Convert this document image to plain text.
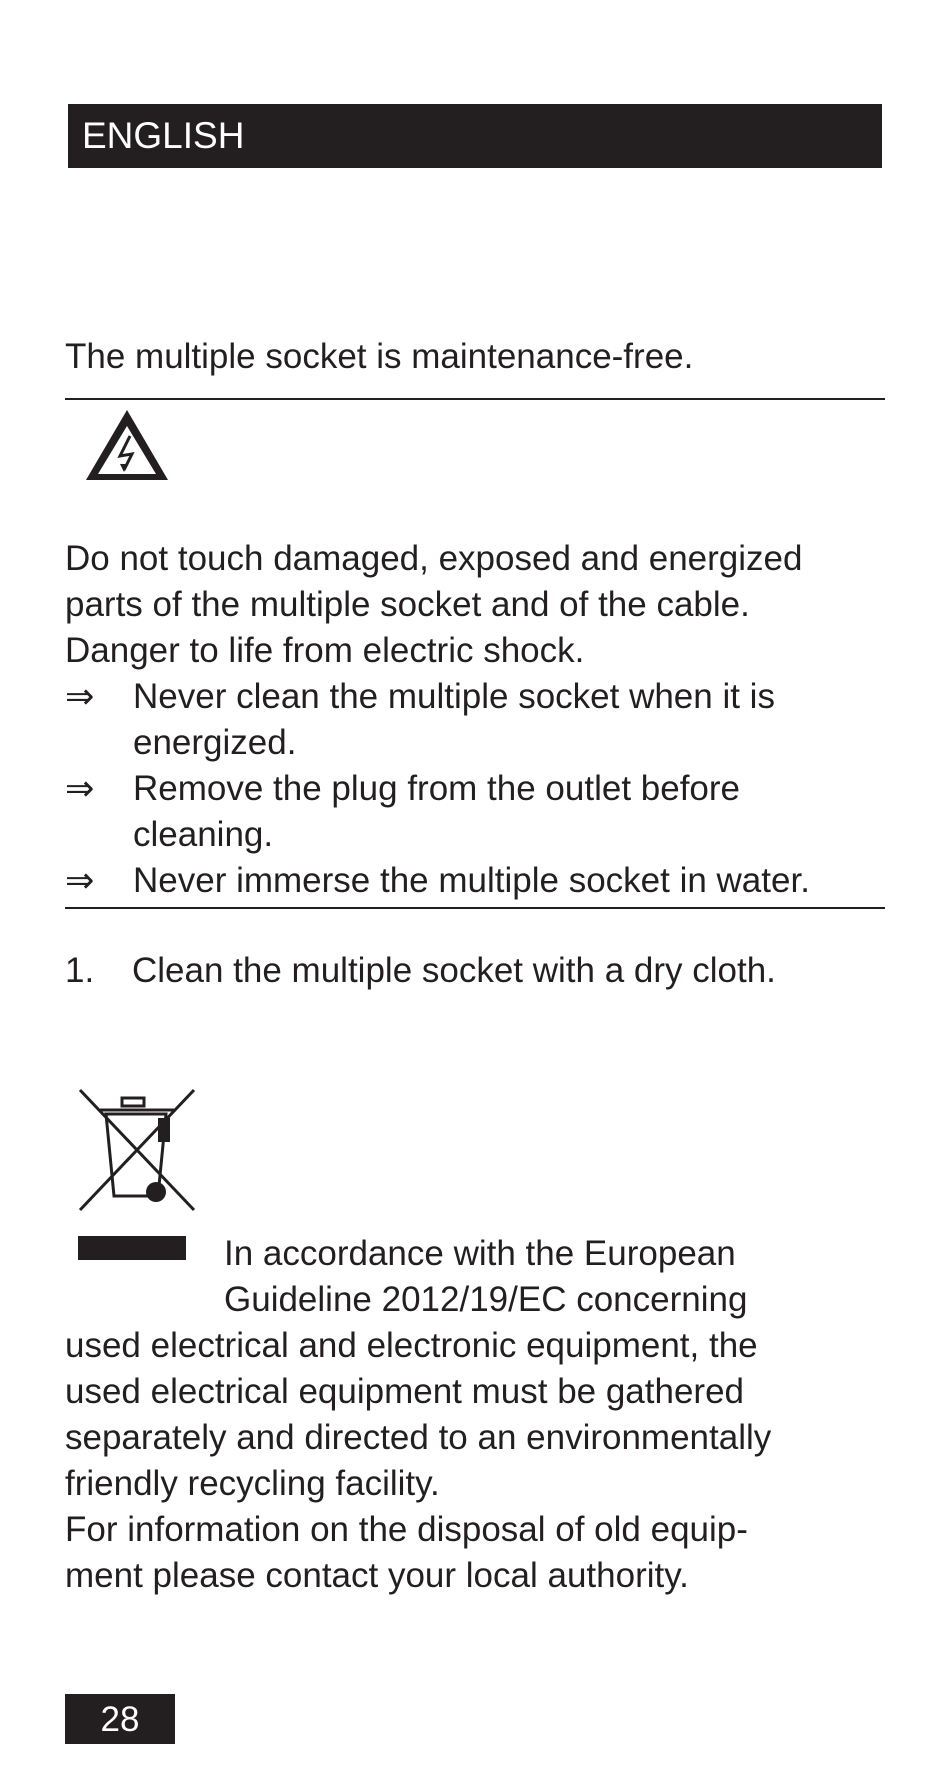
ENGLISH
The multiple socket is maintenance-free.
Do not touch damaged, exposed and energized
parts of the multiple socket and of the cable.
Danger to life from electric shock.
⇒ Never clean the multiple socket when it is
energized.
⇒ Remove the plug from the outlet before
cleaning.
⇒ Never immerse the multiple socket in water.
1. Clean the multiple socket with a dry cloth.
In accordance with the European
Guideline 2012/19/EC concerning
used electrical and electronic equipment, the
used electrical equipment must be gathered
separately and directed to an environmentally
friendly recycling facility.
For information on the disposal of old equip-
ment please contact your local authority.
28
